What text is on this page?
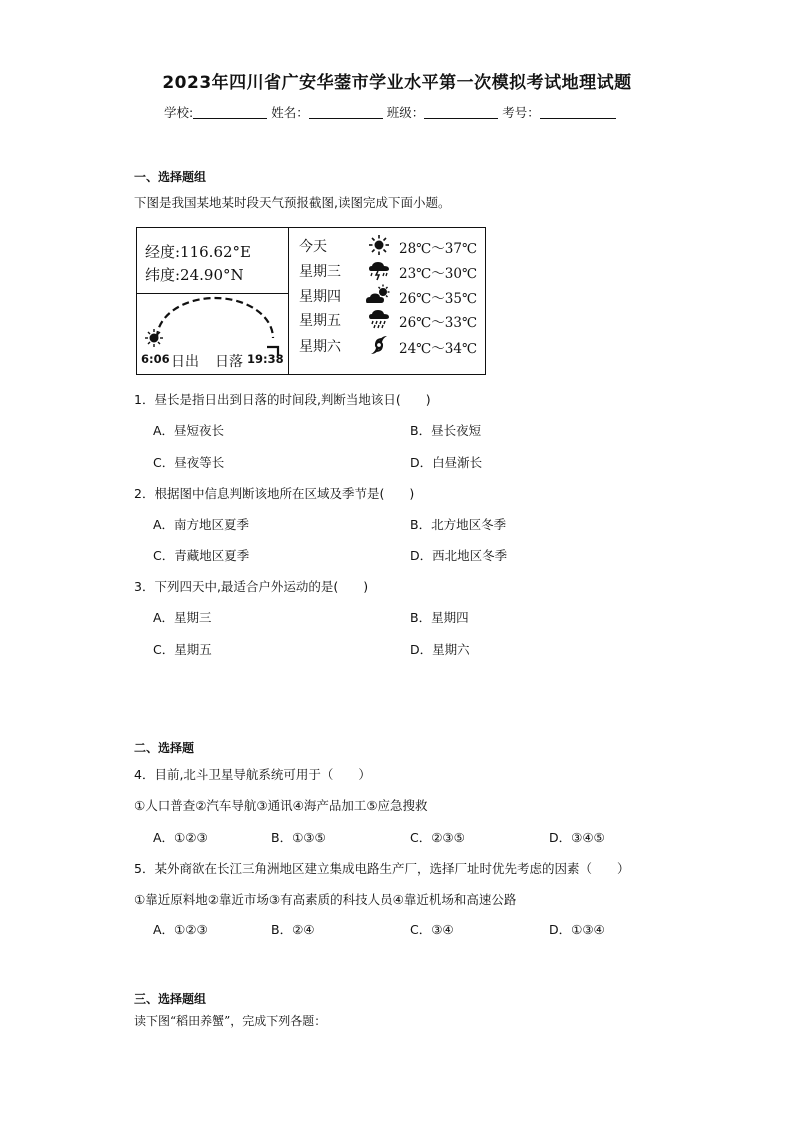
2023年四川省广安华蓥市学业水平第一次模拟考试地理试题
学校:	姓名：	班级：	考号：
一、选择题组
下图是我国某地某时段天气预报截图,读图完成下面小题。
经度:116.62°E
纬度:24.90°N
6:06 日出 日落 19:38
今天	28℃～37℃
星期三	23℃～30℃
星期四	26℃～35℃
星期五	26℃～33℃
星期六	24℃～34℃
1．昼长是指日出到日落的时间段,判断当地该日(　　)
A．昼短夜长	B．昼长夜短
C．昼夜等长	D．白昼渐长
2．根据图中信息判断该地所在区域及季节是(　　)
A．南方地区夏季	B．北方地区冬季
C．青藏地区夏季	D．西北地区冬季
3．下列四天中,最适合户外运动的是(　　)
A．星期三	B．星期四
C．星期五	D．星期六
二、选择题
4．目前,北斗卫星导航系统可用于（　　）
①人口普查②汽车导航③通讯④海产品加工⑤应急搜救
A．①②③	B．①③⑤	C．②③⑤	D．③④⑤
5．某外商欲在长江三角洲地区建立集成电路生产厂，选择厂址时优先考虑的因素（　　）
①靠近原料地②靠近市场③有高素质的科技人员④靠近机场和高速公路
A．①②③	B．②④	C．③④	D．①③④
三、选择题组
读下图“稻田养蟹”，完成下列各题：
